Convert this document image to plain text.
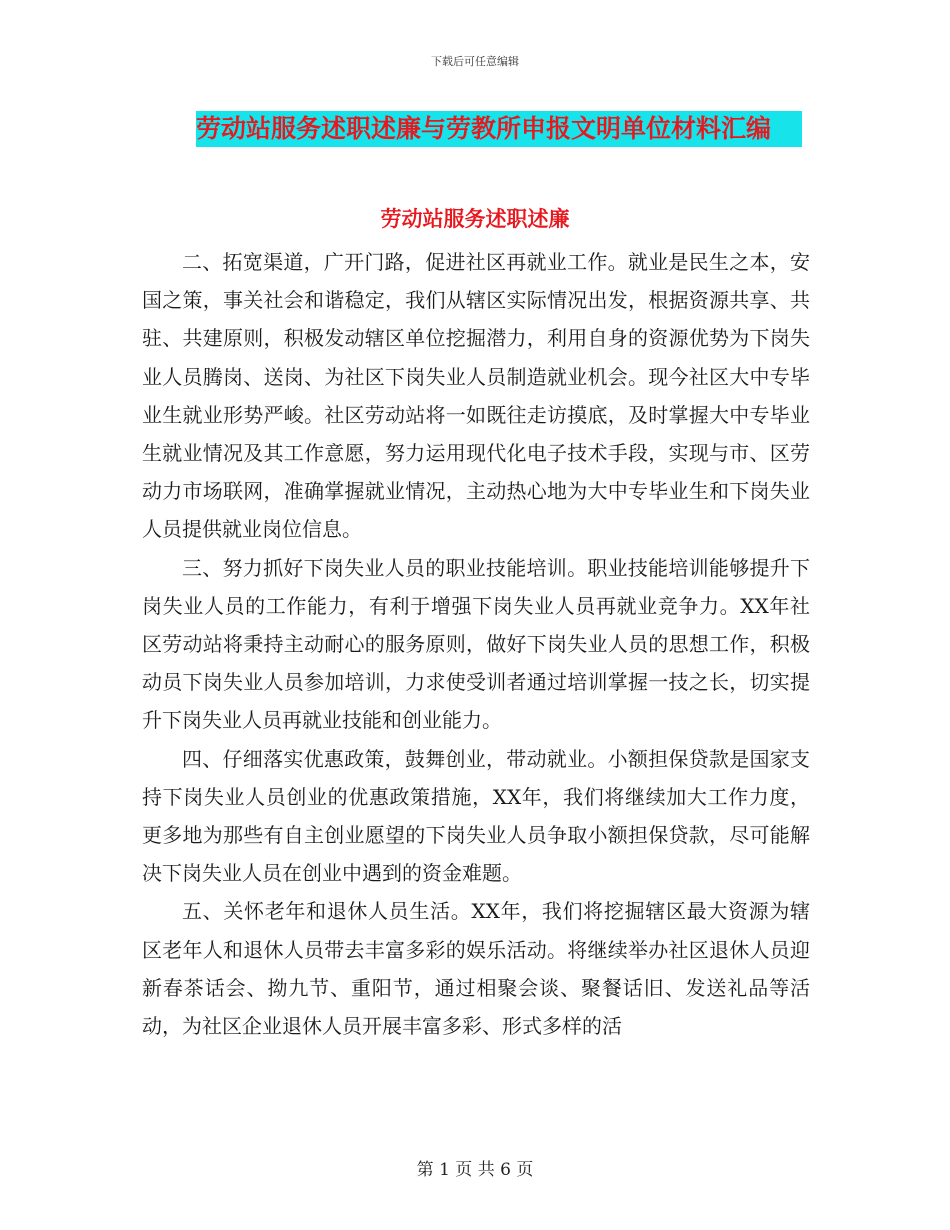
下载后可任意编辑
劳动站服务述职述廉与劳教所申报文明单位材料汇编
劳动站服务述职述廉

二、拓宽渠道，广开门路，促进社区再就业工作。就业是民生之本，安国之策，事关社会和谐稳定，我们从辖区实际情况出发，根据资源共享、共驻、共建原则，积极发动辖区单位挖掘潜力，利用自身的资源优势为下岗失业人员腾岗、送岗、为社区下岗失业人员制造就业机会。现今社区大中专毕业生就业形势严峻。社区劳动站将一如既往走访摸底，及时掌握大中专毕业生就业情况及其工作意愿，努力运用现代化电子技术手段，实现与市、区劳动力市场联网，准确掌握就业情况，主动热心地为大中专毕业生和下岗失业人员提供就业岗位信息。

三、努力抓好下岗失业人员的职业技能培训。职业技能培训能够提升下岗失业人员的工作能力，有利于增强下岗失业人员再就业竞争力。XX年社区劳动站将秉持主动耐心的服务原则，做好下岗失业人员的思想工作，积极动员下岗失业人员参加培训，力求使受训者通过培训掌握一技之长，切实提升下岗失业人员再就业技能和创业能力。

四、仔细落实优惠政策，鼓舞创业，带动就业。小额担保贷款是国家支持下岗失业人员创业的优惠政策措施，XX年，我们将继续加大工作力度，更多地为那些有自主创业愿望的下岗失业人员争取小额担保贷款，尽可能解决下岗失业人员在创业中遇到的资金难题。

五、关怀老年和退休人员生活。XX年，我们将挖掘辖区最大资源为辖区老年人和退休人员带去丰富多彩的娱乐活动。将继续举办社区退休人员迎新春茶话会、拗九节、重阳节，通过相聚会谈、聚餐话旧、发送礼品等活动，为社区企业退休人员开展丰富多彩、形式多样的活

第 1 页 共 6 页
